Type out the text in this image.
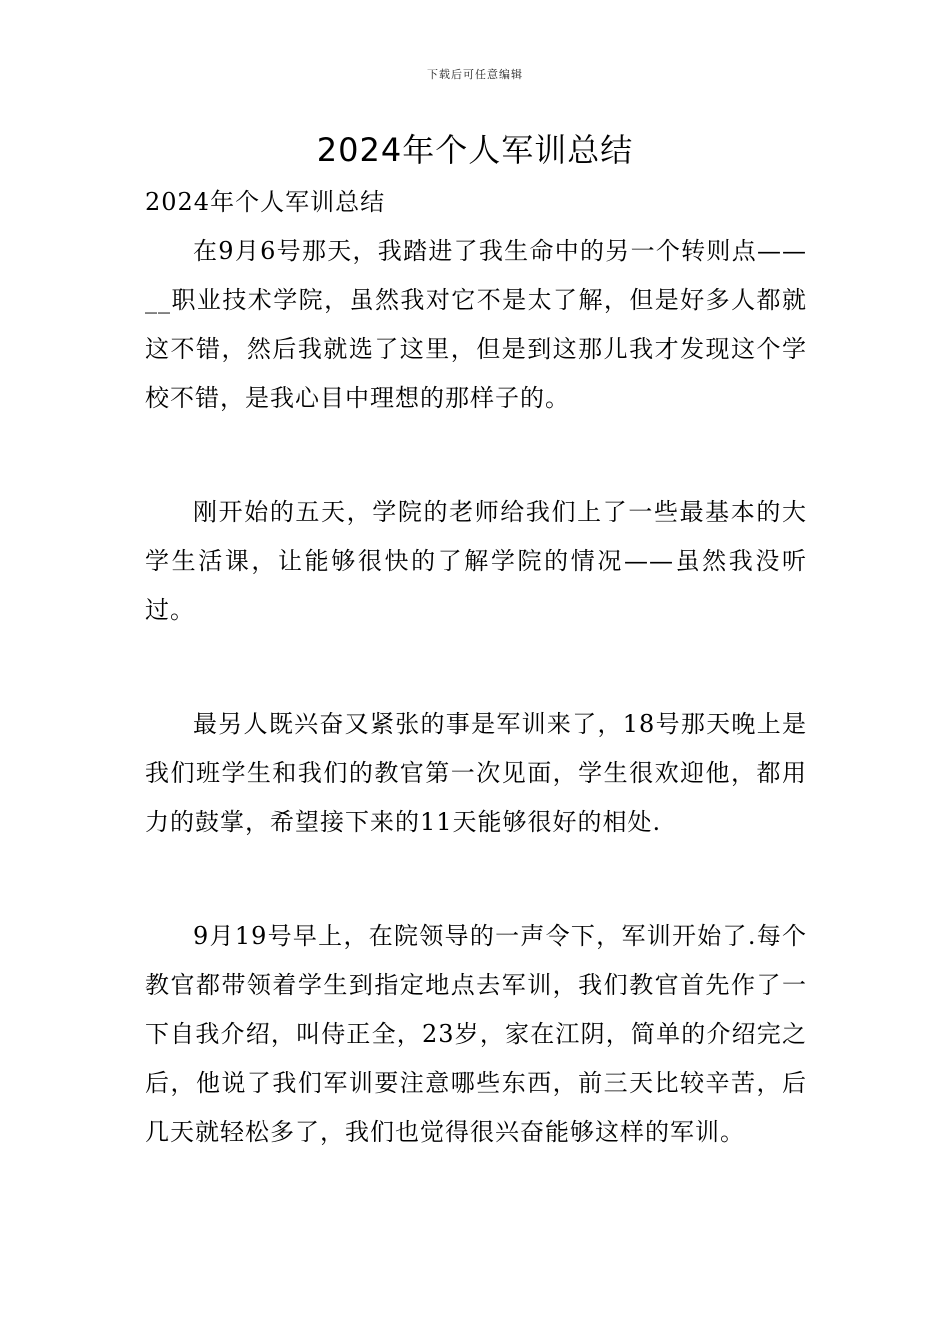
下载后可任意编辑
2024年个人军训总结

2024年个人军训总结

在9月6号那天，我踏进了我生命中的另一个转则点——__职业技术学院，虽然我对它不是太了解，但是好多人都就这不错，然后我就选了这里，但是到这那儿我才发现这个学校不错，是我心目中理想的那样子的。

刚开始的五天，学院的老师给我们上了一些最基本的大学生活课，让能够很快的了解学院的情况——虽然我没听过。

最另人既兴奋又紧张的事是军训来了，18号那天晚上是我们班学生和我们的教官第一次见面，学生很欢迎他，都用力的鼓掌，希望接下来的11天能够很好的相处.

9月19号早上，在院领导的一声令下，军训开始了.每个教官都带领着学生到指定地点去军训，我们教官首先作了一下自我介绍，叫侍正全，23岁，家在江阴，简单的介绍完之后，他说了我们军训要注意哪些东西，前三天比较辛苦，后几天就轻松多了，我们也觉得很兴奋能够这样的军训。
